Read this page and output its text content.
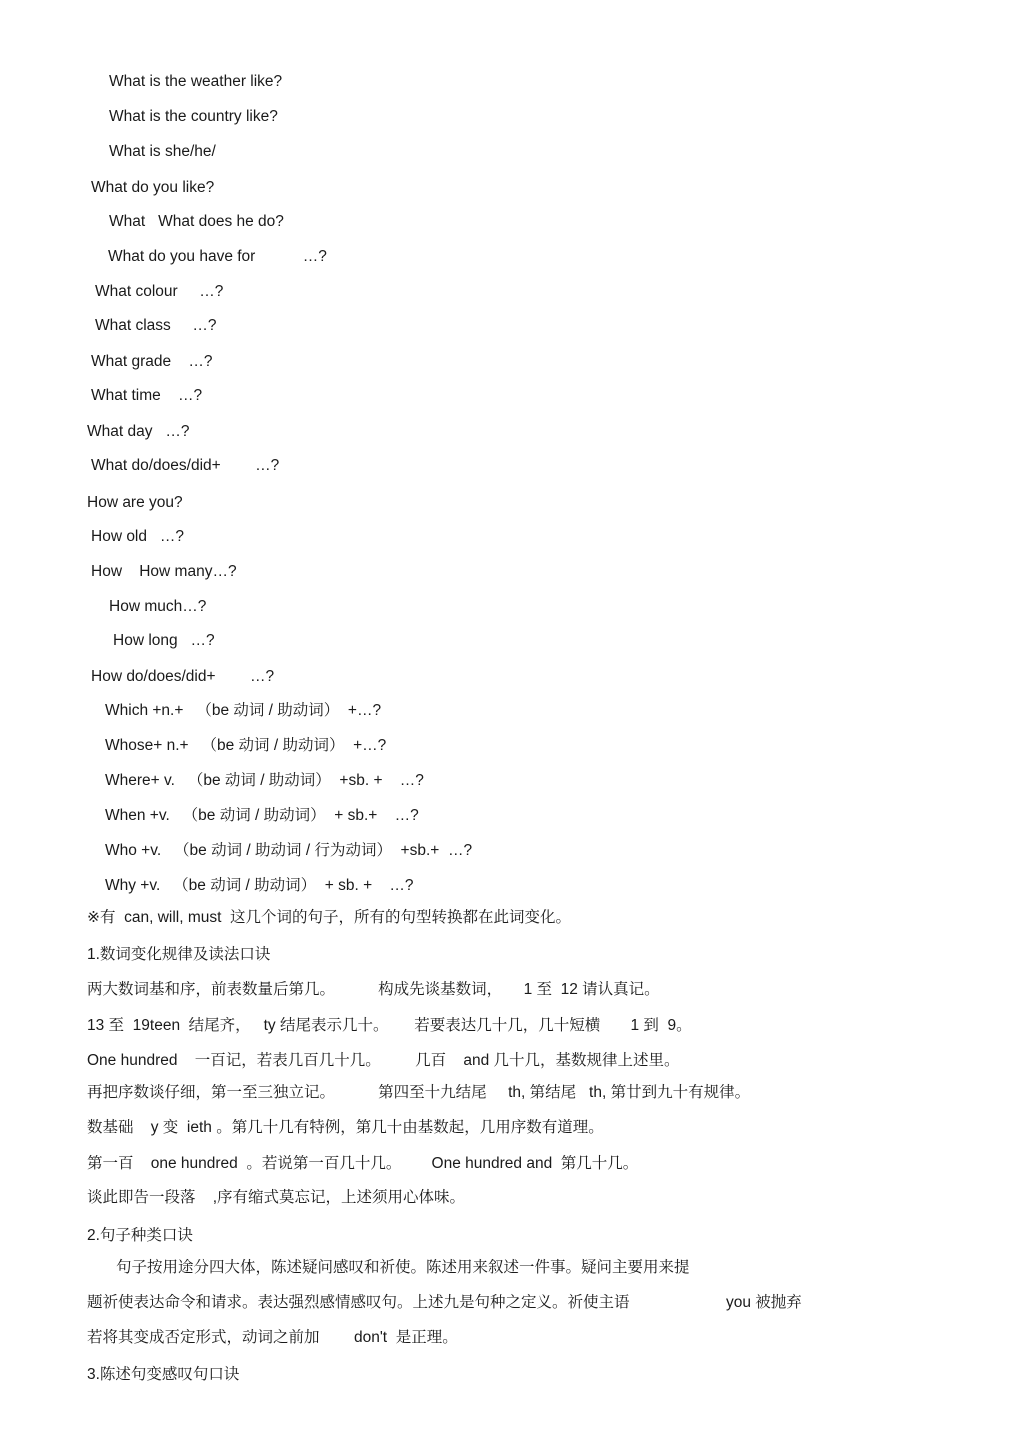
What is the weather like?
What is the country like?
What is she/he/
What do you like?
What   What does he do?
What do you have for           …?
What colour     …?
What class     …?
What grade    …?
What time    …?
What day   …?
What do/does/did+        …?
How are you?
How old   …?
How    How many…?
How much…?
How long   …?
How do/does/did+        …?
Which +n.+   （be 动词 / 助动词）  +…?
Whose+ n.+   （be 动词 / 助动词）  +…?
Where+ v.   （be 动词 / 助动词）  +sb. +    …?
When +v.   （be 动词 / 助动词）  + sb.+    …?
Who +v.   （be 动词 / 助动词 / 行为动词）  +sb.+  …?
Why +v.   （be 动词 / 助动词）  + sb. +    …?
※有  can, will, must  这几个词的句子，所有的句型转换都在此词变化。
1.数词变化规律及读法口诀
两大数词基和序，前表数量后第几。          构成先谈基数词，     1 至  12 请认真记。
13 至  19teen  结尾齐，   ty 结尾表示几十。      若要表达几十几，几十短横       1 到  9。
One hundred    一百记，若表几百几十几。        几百    and 几十几，基数规律上述里。
再把序数谈仔细，第一至三独立记。          第四至十九结尾     th, 第结尾   th, 第廿到九十有规律。
数基础    y 变  ieth 。第几十几有特例，第几十由基数起，几用序数有道理。
第一百    one hundred  。若说第一百几十几。       One hundred and  第几十几。
谈此即告一段落    ,序有缩式莫忘记，上述须用心体味。
2.句子种类口诀
句子按用途分四大体，陈述疑问感叹和祈使。陈述用来叙述一件事。疑问主要用来提
题祈使表达命令和请求。表达强烈感情感叹句。上述九是句种之定义。祈使主语	you 被抛弃
若将其变成否定形式，动词之前加        don't  是正理。
3.陈述句变感叹句口诀
